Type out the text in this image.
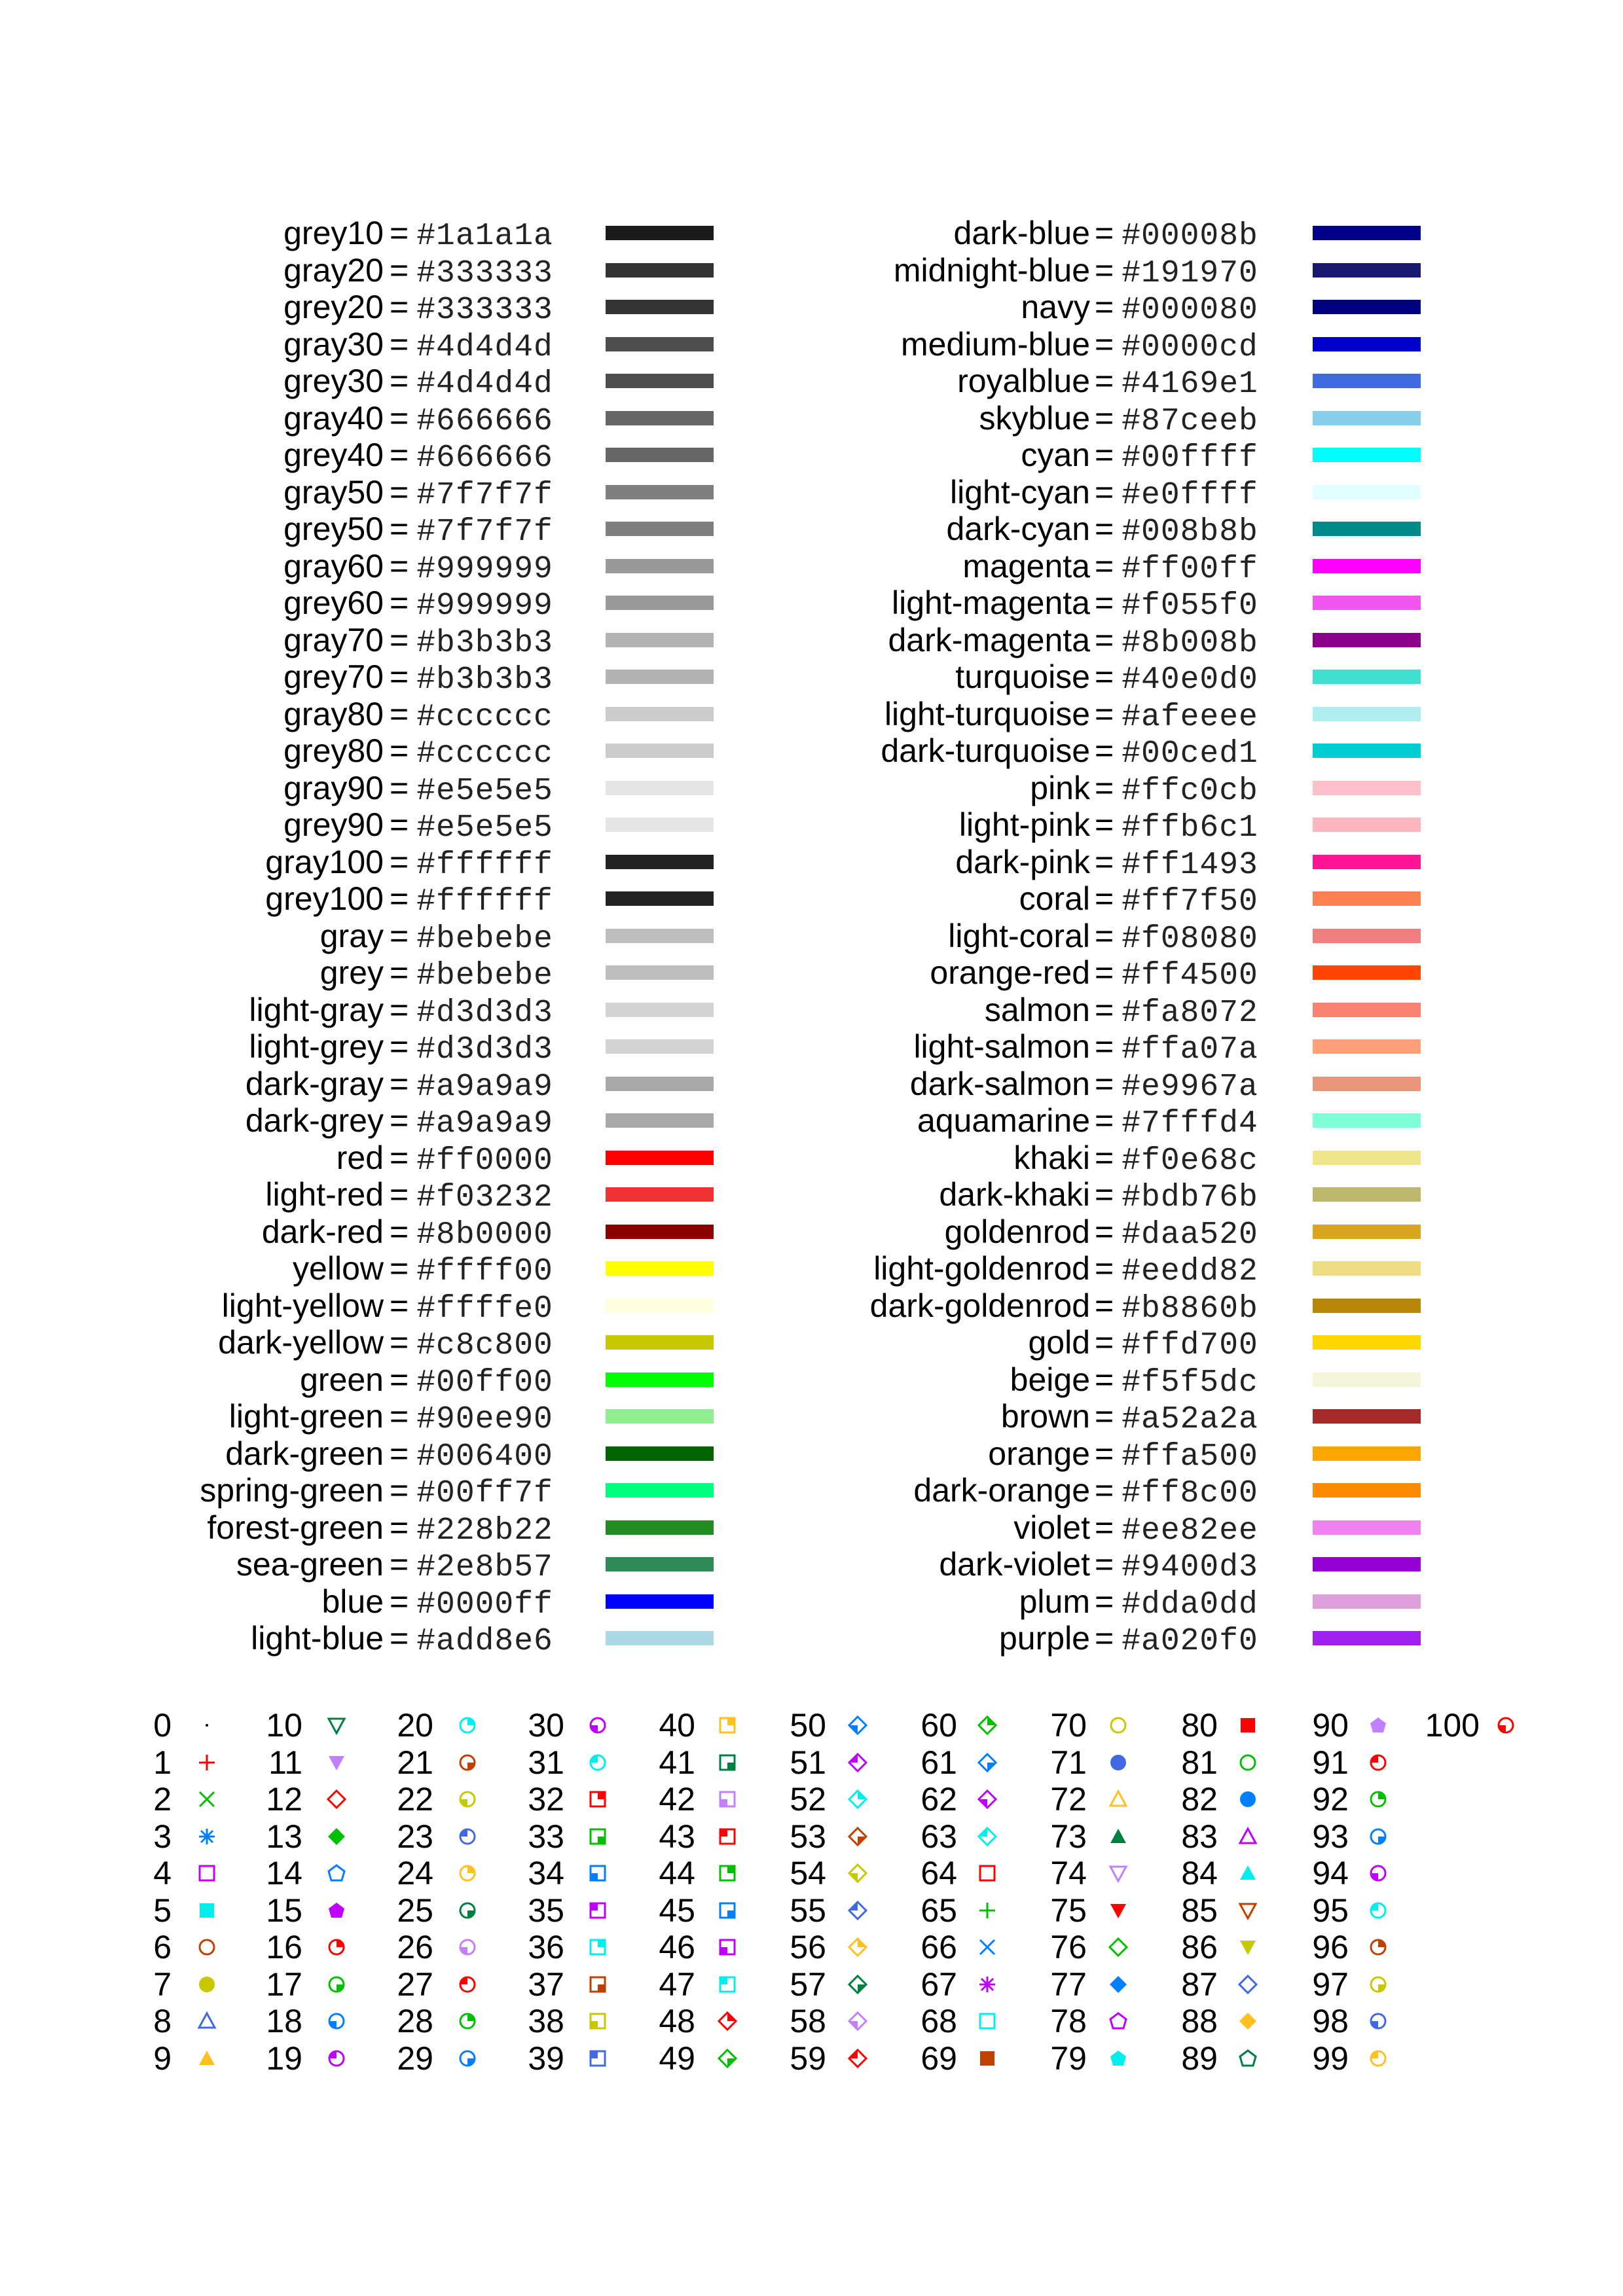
grey10 = #1a1a1a
gray20 = #333333
grey20 = #333333
gray30 = #4d4d4d
grey30 = #4d4d4d
gray40 = #666666
grey40 = #666666
gray50 = #7f7f7f
grey50 = #7f7f7f
gray60 = #999999
grey60 = #999999
gray70 = #b3b3b3
grey70 = #b3b3b3
gray80 = #cccccc
grey80 = #cccccc
gray90 = #e5e5e5
grey90 = #e5e5e5
gray100 = #ffffff
grey100 = #ffffff
gray = #bebebe
grey = #bebebe
light-gray = #d3d3d3
light-grey = #d3d3d3
dark-gray = #a9a9a9
dark-grey = #a9a9a9
red = #ff0000
light-red = #f03232
dark-red = #8b0000
yellow = #ffff00
light-yellow = #ffffe0
dark-yellow = #c8c800
green = #00ff00
light-green = #90ee90
dark-green = #006400
spring-green = #00ff7f
forest-green = #228b22
sea-green = #2e8b57
blue = #0000ff
light-blue = #add8e6
dark-blue = #00008b
midnight-blue = #191970
navy = #000080
medium-blue = #0000cd
royalblue = #4169e1
skyblue = #87ceeb
cyan = #00ffff
light-cyan = #e0ffff
dark-cyan = #008b8b
magenta = #ff00ff
light-magenta = #f055f0
dark-magenta = #8b008b
turquoise = #40e0d0
light-turquoise = #afeeee
dark-turquoise = #00ced1
pink = #ffc0cb
light-pink = #ffb6c1
dark-pink = #ff1493
coral = #ff7f50
light-coral = #f08080
orange-red = #ff4500
salmon = #fa8072
light-salmon = #ffa07a
dark-salmon = #e9967a
aquamarine = #7fffd4
khaki = #f0e68c
dark-khaki = #bdb76b
goldenrod = #daa520
light-goldenrod = #eedd82
dark-goldenrod = #b8860b
gold = #ffd700
beige = #f5f5dc
brown = #a52a2a
orange = #ffa500
dark-orange = #ff8c00
violet = #ee82ee
dark-violet = #9400d3
plum = #dda0dd
purple = #a020f0
0
1
2
3
4
5
6
7
8
9
10
11
12
13
14
15
16
17
18
19
20
21
22
23
24
25
26
27
28
29
30
31
32
33
34
35
36
37
38
39
40
41
42
43
44
45
46
47
48
49
50
51
52
53
54
55
56
57
58
59
60
61
62
63
64
65
66
67
68
69
70
71
72
73
74
75
76
77
78
79
80
81
82
83
84
85
86
87
88
89
90
91
92
93
94
95
96
97
98
99
100
